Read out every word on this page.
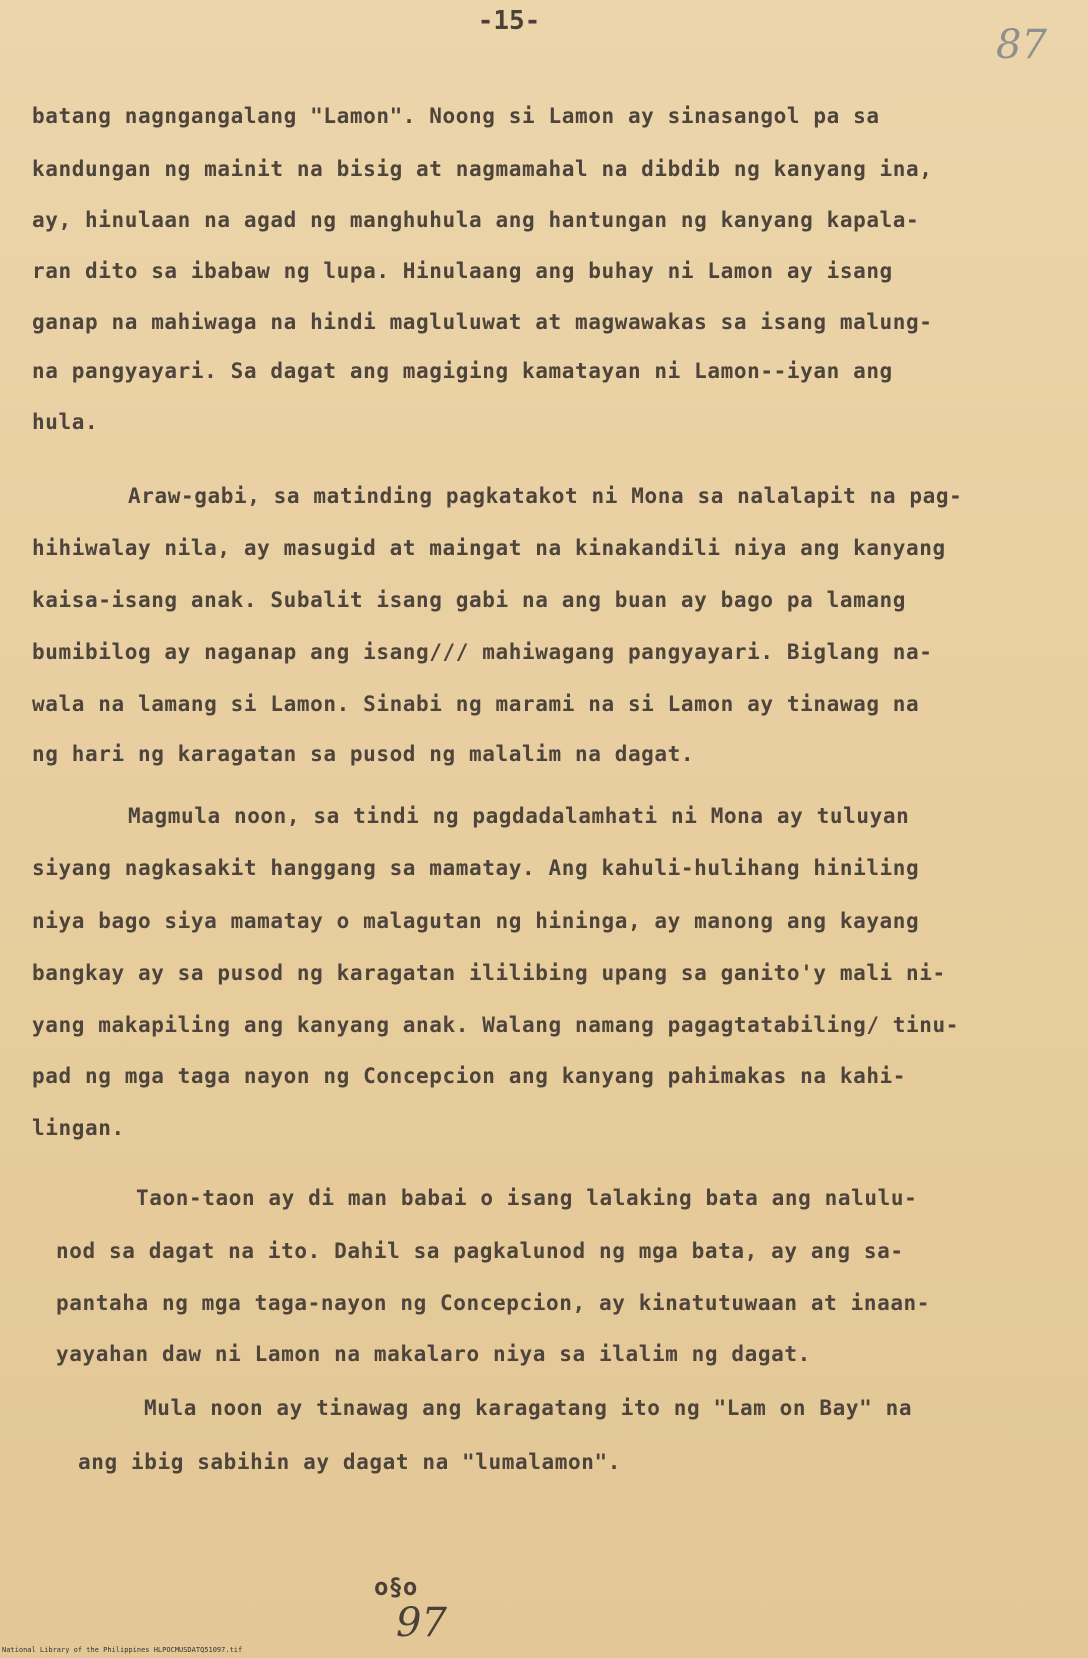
-15-
87
batang nagngangalang "Lamon". Noong si Lamon ay sinasangol pa sa
kandungan ng mainit na bisig at nagmamahal na dibdib ng kanyang ina,
ay, hinulaan na agad ng manghuhula ang hantungan ng kanyang kapala-
ran dito sa ibabaw ng lupa. Hinulaang ang buhay ni Lamon ay isang
ganap na mahiwaga na hindi magluluwat at magwawakas sa isang malung-
na pangyayari. Sa dagat ang magiging kamatayan ni Lamon--iyan ang
hula.
Araw-gabi, sa matinding pagkatakot ni Mona sa nalalapit na pag-
hihiwalay nila, ay masugid at maingat na kinakandili niya ang kanyang
kaisa-isang anak. Subalit isang gabi na ang buan ay bago pa lamang
bumibilog ay naganap ang isang/// mahiwagang pangyayari. Biglang na-
wala na lamang si Lamon. Sinabi ng marami na si Lamon ay tinawag na
ng hari ng karagatan sa pusod ng malalim na dagat.
Magmula noon, sa tindi ng pagdadalamhati ni Mona ay tuluyan
siyang nagkasakit hanggang sa mamatay. Ang kahuli-hulihang hiniling
niya bago siya mamatay o malagutan ng hininga, ay manong ang kayang
bangkay ay sa pusod ng karagatan ililibing upang sa ganito'y mali ni-
yang makapiling ang kanyang anak. Walang namang pagagtatabiling/ tinu-
pad ng mga taga nayon ng Concepcion ang kanyang pahimakas na kahi-
lingan.
Taon-taon ay di man babai o isang lalaking bata ang nalulu-
nod sa dagat na ito. Dahil sa pagkalunod ng mga bata, ay ang sa-
pantaha ng mga taga-nayon ng Concepcion, ay kinatutuwaan at inaan-
yayahan daw ni Lamon na makalaro niya sa ilalim ng dagat.
Mula noon ay tinawag ang karagatang ito ng "Lam on Bay" na
ang ibig sabihin ay dagat na "lumalamon".
o§o
97
National Library of the Philippines HLPOCMUSDATQ51097.tif
